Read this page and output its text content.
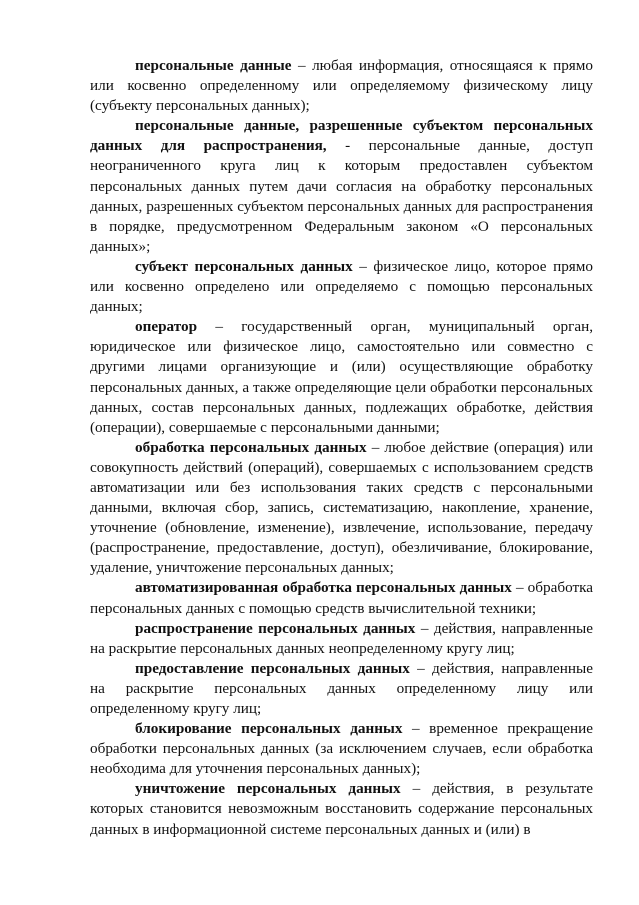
персональные данные – любая информация, относящаяся к прямо или косвенно определенному или определяемому физическому лицу (субъекту персональных данных);

персональные данные, разрешенные субъектом персональных данных для распространения, - персональные данные, доступ неограниченного круга лиц к которым предоставлен субъектом персональных данных путем дачи согласия на обработку персональных данных, разрешенных субъектом персональных данных для распространения в порядке, предусмотренном Федеральным законом «О персональных данных»;

субъект персональных данных – физическое лицо, которое прямо или косвенно определено или определяемо с помощью персональных данных;

оператор – государственный орган, муниципальный орган, юридическое или физическое лицо, самостоятельно или совместно с другими лицами организующие и (или) осуществляющие обработку персональных данных, а также определяющие цели обработки персональных данных, состав персональных данных, подлежащих обработке, действия (операции), совершаемые с персональными данными;

обработка персональных данных – любое действие (операция) или совокупность действий (операций), совершаемых с использованием средств автоматизации или без использования таких средств с персональными данными, включая сбор, запись, систематизацию, накопление, хранение, уточнение (обновление, изменение), извлечение, использование, передачу (распространение, предоставление, доступ), обезличивание, блокирование, удаление, уничтожение персональных данных;

автоматизированная обработка персональных данных – обработка персональных данных с помощью средств вычислительной техники;

распространение персональных данных – действия, направленные на раскрытие персональных данных неопределенному кругу лиц;

предоставление персональных данных – действия, направленные на раскрытие персональных данных определенному лицу или определенному кругу лиц;

блокирование персональных данных – временное прекращение обработки персональных данных (за исключением случаев, если обработка необходима для уточнения персональных данных);

уничтожение персональных данных – действия, в результате которых становится невозможным восстановить содержание персональных данных в информационной системе персональных данных и (или) в
